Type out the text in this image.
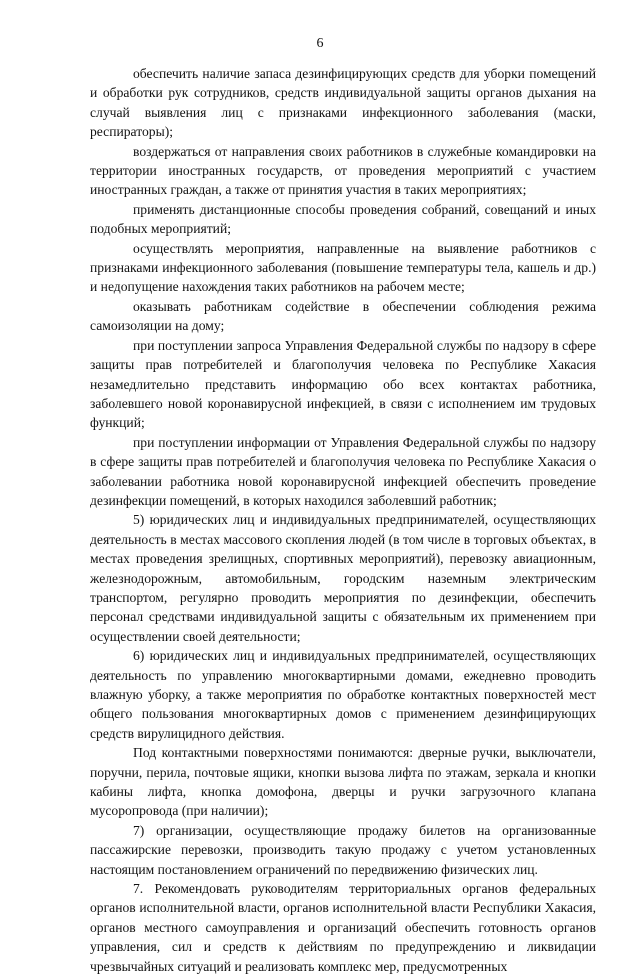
6

обеспечить наличие запаса дезинфицирующих средств для уборки помещений и обработки рук сотрудников, средств индивидуальной защиты органов дыхания на случай выявления лиц с признаками инфекционного заболевания (маски, респираторы);

воздержаться от направления своих работников в служебные командировки на территории иностранных государств, от проведения мероприятий с участием иностранных граждан, а также от принятия участия в таких мероприятиях;

применять дистанционные способы проведения собраний, совещаний и иных подобных мероприятий;

осуществлять мероприятия, направленные на выявление работников с признаками инфекционного заболевания (повышение температуры тела, кашель и др.) и недопущение нахождения таких работников на рабочем месте;

оказывать работникам содействие в обеспечении соблюдения режима самоизоляции на дому;

при поступлении запроса Управления Федеральной службы по надзору в сфере защиты прав потребителей и благополучия человека по Республике Хакасия незамедлительно представить информацию обо всех контактах работника, заболевшего новой коронавирусной инфекцией, в связи с исполнением им трудовых функций;

при поступлении информации от Управления Федеральной службы по надзору в сфере защиты прав потребителей и благополучия человека по Республике Хакасия о заболевании работника новой коронавирусной инфекцией обеспечить проведение дезинфекции помещений, в которых находился заболевший работник;

5) юридических лиц и индивидуальных предпринимателей, осуществляющих деятельность в местах массового скопления людей (в том числе в торговых объектах, в местах проведения зрелищных, спортивных мероприятий), перевозку авиационным, железнодорожным, автомобильным, городским наземным электрическим транспортом, регулярно проводить мероприятия по дезинфекции, обеспечить персонал средствами индивидуальной защиты с обязательным их применением при осуществлении своей деятельности;

6) юридических лиц и индивидуальных предпринимателей, осуществляющих деятельность по управлению многоквартирными домами, ежедневно проводить влажную уборку, а также мероприятия по обработке контактных поверхностей мест общего пользования многоквартирных домов с применением дезинфицирующих средств вирулицидного действия.

Под контактными поверхностями понимаются: дверные ручки, выключатели, поручни, перила, почтовые ящики, кнопки вызова лифта по этажам, зеркала и кнопки кабины лифта, кнопка домофона, дверцы и ручки загрузочного клапана мусоропровода (при наличии);

7) организации, осуществляющие продажу билетов на организованные пассажирские перевозки, производить такую продажу с учетом установленных настоящим постановлением ограничений по передвижению физических лиц.

7. Рекомендовать руководителям территориальных органов федеральных органов исполнительной власти, органов исполнительной власти Республики Хакасия, органов местного самоуправления и организаций обеспечить готовность органов управления, сил и средств к действиям по предупреждению и ликвидации чрезвычайных ситуаций и реализовать комплекс мер, предусмотренных
